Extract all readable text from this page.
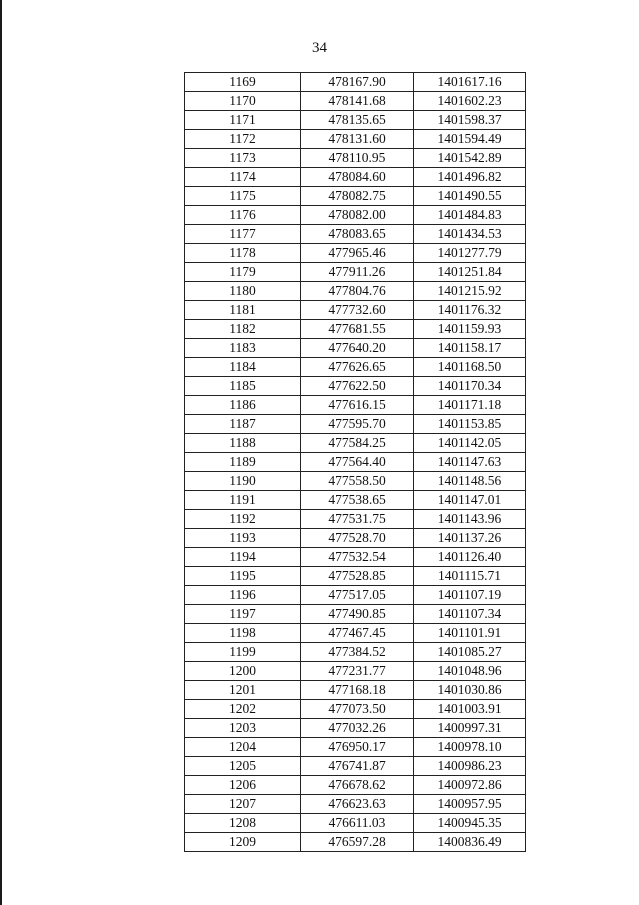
34
1169	478167.90	1401617.16
1170	478141.68	1401602.23
1171	478135.65	1401598.37
1172	478131.60	1401594.49
1173	478110.95	1401542.89
1174	478084.60	1401496.82
1175	478082.75	1401490.55
1176	478082.00	1401484.83
1177	478083.65	1401434.53
1178	477965.46	1401277.79
1179	477911.26	1401251.84
1180	477804.76	1401215.92
1181	477732.60	1401176.32
1182	477681.55	1401159.93
1183	477640.20	1401158.17
1184	477626.65	1401168.50
1185	477622.50	1401170.34
1186	477616.15	1401171.18
1187	477595.70	1401153.85
1188	477584.25	1401142.05
1189	477564.40	1401147.63
1190	477558.50	1401148.56
1191	477538.65	1401147.01
1192	477531.75	1401143.96
1193	477528.70	1401137.26
1194	477532.54	1401126.40
1195	477528.85	1401115.71
1196	477517.05	1401107.19
1197	477490.85	1401107.34
1198	477467.45	1401101.91
1199	477384.52	1401085.27
1200	477231.77	1401048.96
1201	477168.18	1401030.86
1202	477073.50	1401003.91
1203	477032.26	1400997.31
1204	476950.17	1400978.10
1205	476741.87	1400986.23
1206	476678.62	1400972.86
1207	476623.63	1400957.95
1208	476611.03	1400945.35
1209	476597.28	1400836.49
